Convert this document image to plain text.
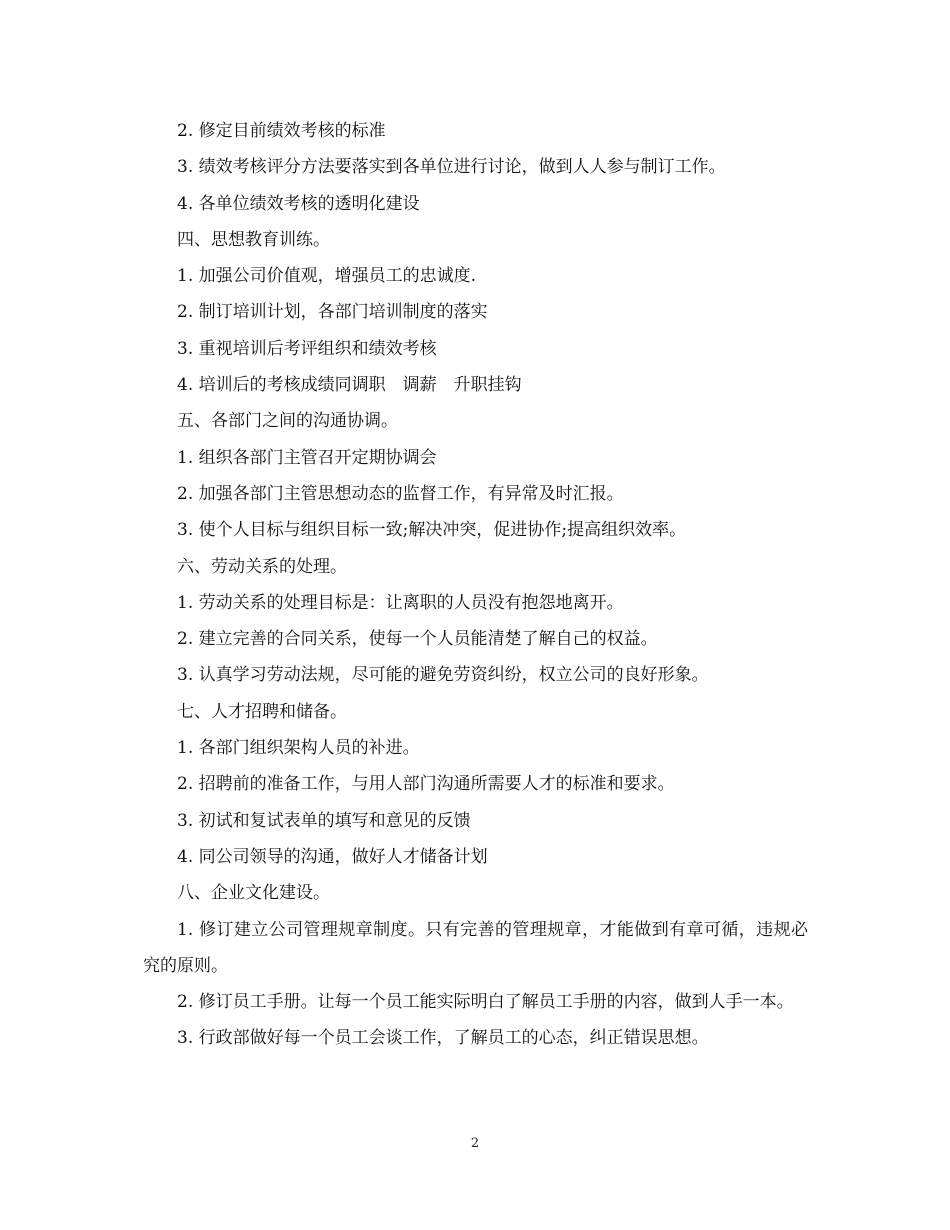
2. 修定目前绩效考核的标准

3. 绩效考核评分方法要落实到各单位进行讨论，做到人人参与制订工作。

4. 各单位绩效考核的透明化建设

四、思想教育训练。

1. 加强公司价值观，增强员工的忠诚度.

2. 制订培训计划，各部门培训制度的落实

3. 重视培训后考评组织和绩效考核

4. 培训后的考核成绩同调职　调薪　升职挂钩

五、各部门之间的沟通协调。

1. 组织各部门主管召开定期协调会

2. 加强各部门主管思想动态的监督工作，有异常及时汇报。

3. 使个人目标与组织目标一致;解决冲突，促进协作;提高组织效率。

六、劳动关系的处理。

1. 劳动关系的处理目标是：让离职的人员没有抱怨地离开。

2. 建立完善的合同关系，使每一个人员能清楚了解自己的权益。

3. 认真学习劳动法规，尽可能的避免劳资纠纷，权立公司的良好形象。

七、人才招聘和储备。

1. 各部门组织架构人员的补进。

2. 招聘前的准备工作，与用人部门沟通所需要人才的标准和要求。

3. 初试和复试表单的填写和意见的反馈

4. 同公司领导的沟通，做好人才储备计划

八、企业文化建设。

1. 修订建立公司管理规章制度。只有完善的管理规章，才能做到有章可循，违规必究的原则。

2. 修订员工手册。让每一个员工能实际明白了解员工手册的内容，做到人手一本。

3. 行政部做好每一个员工会谈工作，了解员工的心态，纠正错误思想。

2
